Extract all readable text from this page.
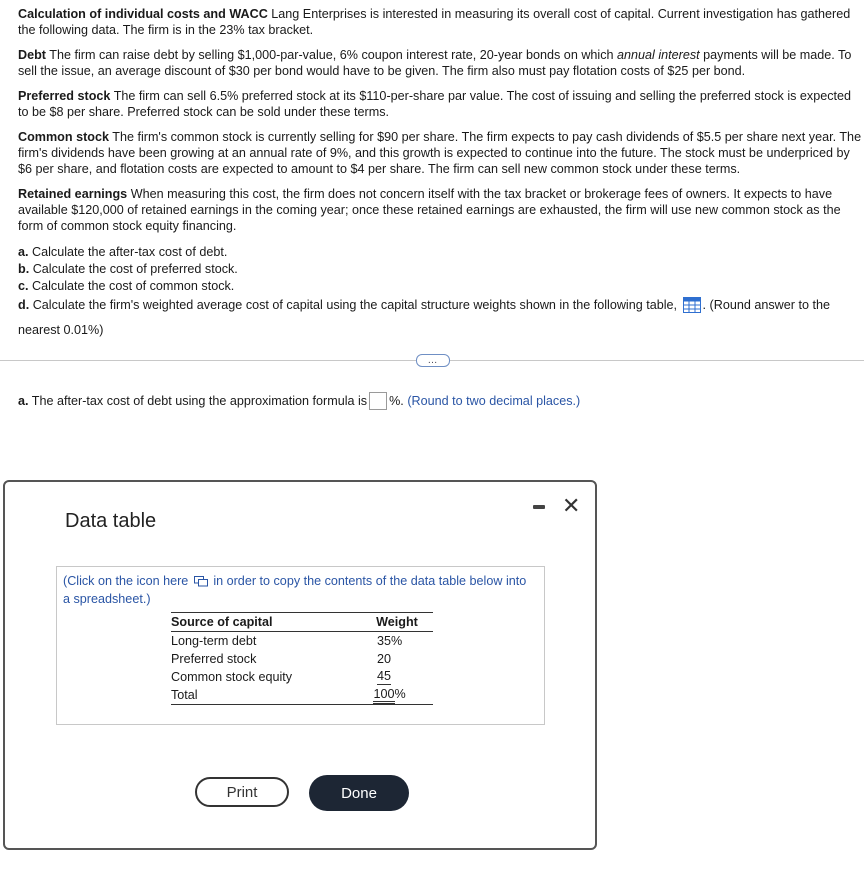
Calculation of individual costs and WACC Lang Enterprises is interested in measuring its overall cost of capital. Current investigation has gathered the following data. The firm is in the 23% tax bracket.

Debt The firm can raise debt by selling $1,000-par-value, 6% coupon interest rate, 20-year bonds on which annual interest payments will be made. To sell the issue, an average discount of $30 per bond would have to be given. The firm also must pay flotation costs of $25 per bond.

Preferred stock The firm can sell 6.5% preferred stock at its $110-per-share par value. The cost of issuing and selling the preferred stock is expected to be $8 per share. Preferred stock can be sold under these terms.

Common stock The firm's common stock is currently selling for $90 per share. The firm expects to pay cash dividends of $5.5 per share next year. The firm's dividends have been growing at an annual rate of 9%, and this growth is expected to continue into the future. The stock must be underpriced by $6 per share, and flotation costs are expected to amount to $4 per share. The firm can sell new common stock under these terms.

Retained earnings When measuring this cost, the firm does not concern itself with the tax bracket or brokerage fees of owners. It expects to have available $120,000 of retained earnings in the coming year; once these retained earnings are exhausted, the firm will use new common stock as the form of common stock equity financing.

a. Calculate the after-tax cost of debt.

b. Calculate the cost of preferred stock.

c. Calculate the cost of common stock.

d. Calculate the firm's weighted average cost of capital using the capital structure weights shown in the following table, . (Round answer to the nearest 0.01%)

…
a. The after-tax cost of debt using the approximation formula is %. (Round to two decimal places.)
Data table
✕
(Click on the icon here in order to copy the contents of the data table below into a spreadsheet.)
Source of capital	Weight
Long-term debt	35%
Preferred stock	20
Common stock equity	45
Total	100%
Print	Done
